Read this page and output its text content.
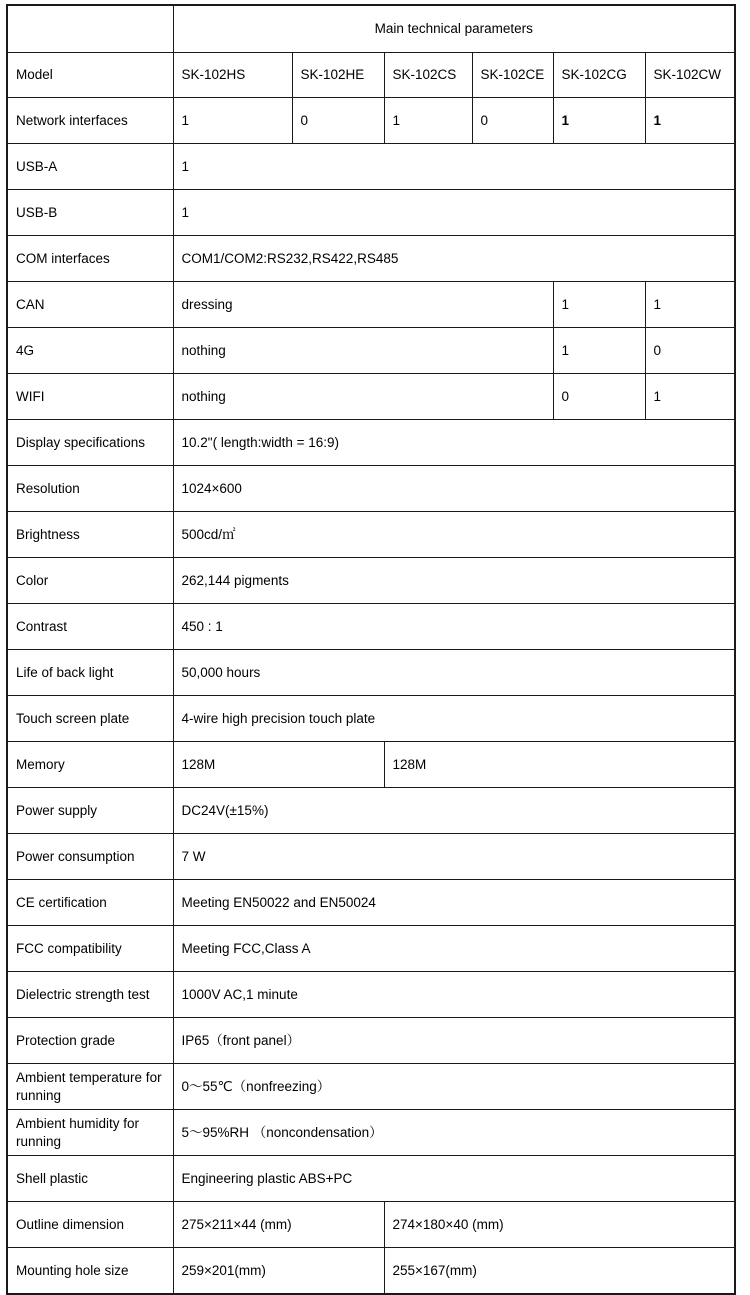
	Main technical parameters					
Model	SK-102HS	SK-102HE	SK-102CS	SK-102CE	SK-102CG	SK-102CW
Network interfaces	1	0	1	0	1	1
USB-A	1					
USB-B	1					
COM interfaces	COM1/COM2:RS232,RS422,RS485					
CAN	dressing				1	1
4G	nothing				1	0
WIFI	nothing				0	1
Display specifications	10.2"( length:width = 16:9)					
Resolution	1024×600					
Brightness	500cd/㎡					
Color	262,144 pigments					
Contrast	450 : 1					
Life of back light	50,000 hours					
Touch screen plate	4-wire high precision touch plate					
Memory	128M		128M			
Power supply	DC24V(±15%)					
Power consumption	7 W					
CE certification	Meeting EN50022 and EN50024					
FCC compatibility	Meeting FCC,Class A					
Dielectric strength test	1000V AC,1 minute					
Protection grade	IP65（front panel）					
Ambient temperature for running	0～55℃（nonfreezing）					
Ambient humidity for running	5～95%RH （noncondensation）					
Shell plastic	Engineering plastic ABS+PC					
Outline dimension	275×211×44 (mm)		274×180×40 (mm)			
Mounting hole size	259×201(mm)		255×167(mm)			
